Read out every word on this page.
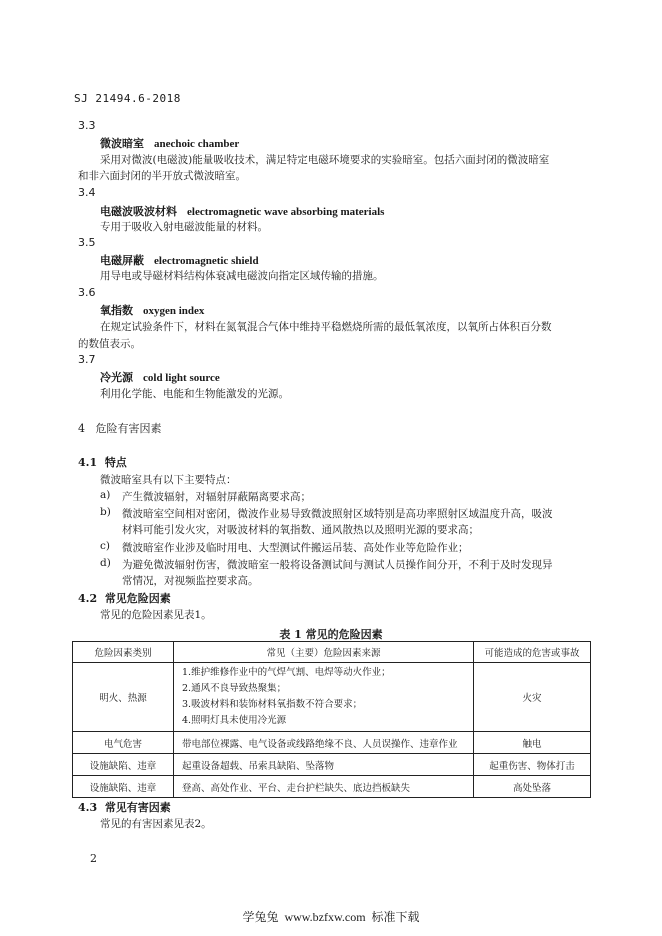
SJ 21494.6-2018
3.3
微波暗室 anechoic chamber
采用对微波(电磁波)能量吸收技术，满足特定电磁环境要求的实验暗室。包括六面封闭的微波暗室
和非六面封闭的半开放式微波暗室。
3.4
电磁波吸波材料 electromagnetic wave absorbing materials
专用于吸收入射电磁波能量的材料。
3.5
电磁屏蔽 electromagnetic shield
用导电或导磁材料结构体衰减电磁波向指定区域传输的措施。
3.6
氧指数 oxygen index
在规定试验条件下，材料在氮氧混合气体中维持平稳燃烧所需的最低氧浓度，以氧所占体积百分数
的数值表示。
3.7
冷光源 cold light source
利用化学能、电能和生物能激发的光源。
4 危险有害因素
4.1 特点
微波暗室具有以下主要特点：
a) 产生微波辐射，对辐射屏蔽隔离要求高；
b) 微波暗室空间相对密闭，微波作业易导致微波照射区域特别是高功率照射区域温度升高，吸波
材料可能引发火灾，对吸波材料的氧指数、通风散热以及照明光源的要求高；
c) 微波暗室作业涉及临时用电、大型测试件搬运吊装、高处作业等危险作业；
d) 为避免微波辐射伤害，微波暗室一般将设备测试间与测试人员操作间分开，不利于及时发现异
常情况，对视频监控要求高。
4.2 常见危险因素
常见的危险因素见表1。
表 1 常见的危险因素
危险因素类别	常见（主要）危险因素来源	可能造成的危害或事故
明火、热源	1.维护维修作业中的气焊气割、电焊等动火作业；
2.通风不良导致热聚集；
3.吸波材料和装饰材料氧指数不符合要求；
4.照明灯具未使用冷光源	火灾
电气危害	带电部位裸露、电气设备或线路绝缘不良、人员误操作、违章作业	触电
设施缺陷、违章	起重设备超载、吊索具缺陷、坠落物	起重伤害、物体打击
设施缺陷、违章	登高、高处作业、平台、走台护栏缺失、底边挡板缺失	高处坠落
4.3 常见有害因素
常见的有害因素见表2。
2
学兔兔 www.bzfxw.com 标准下载
